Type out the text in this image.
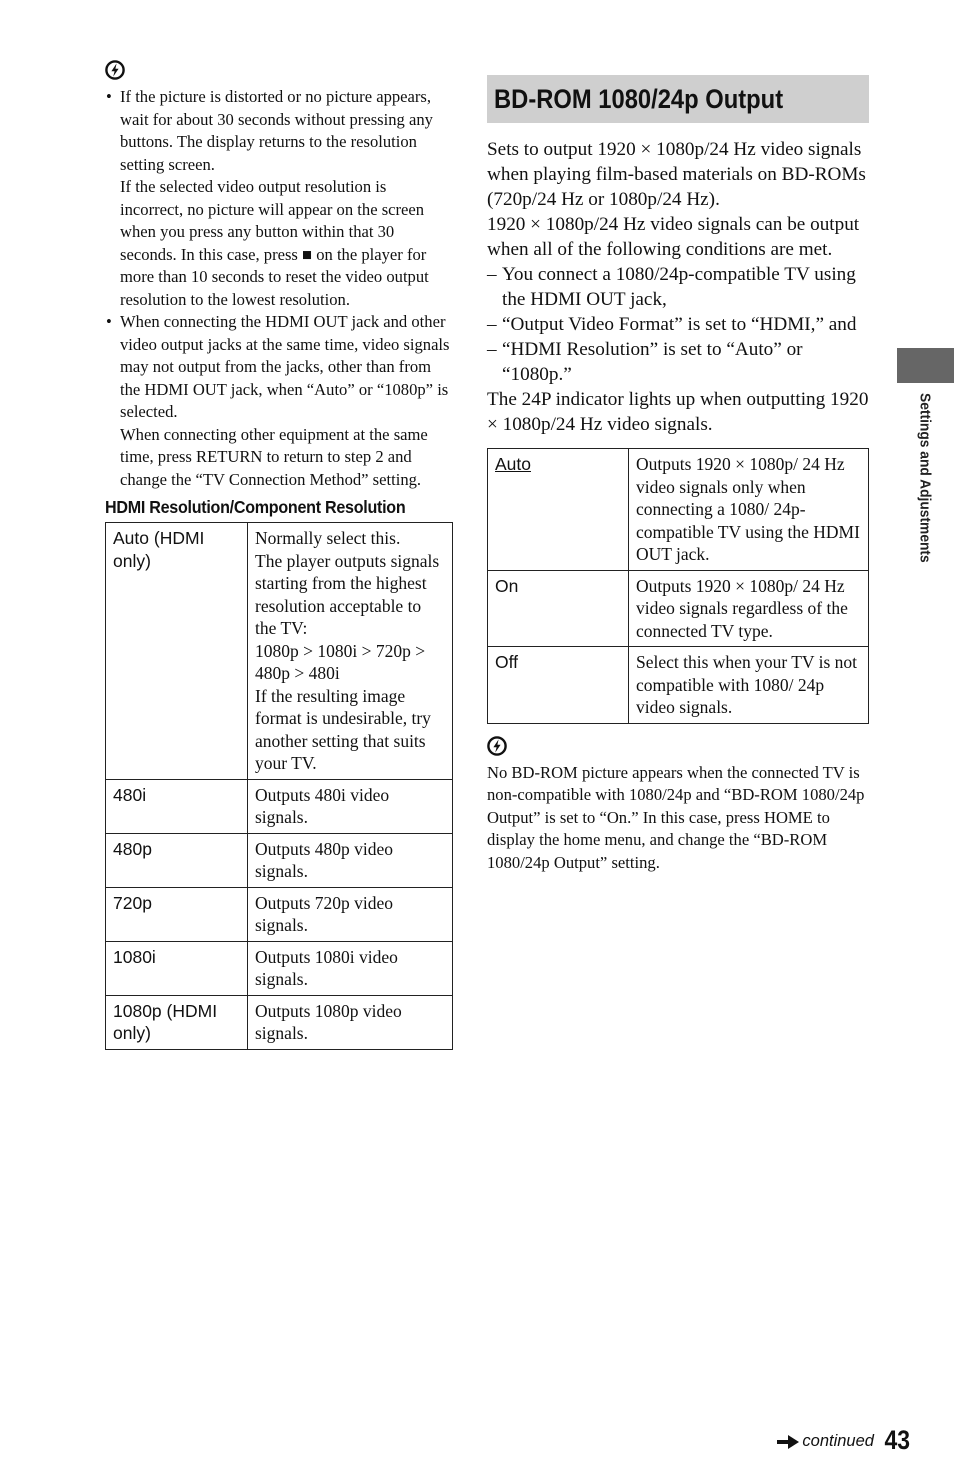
• If the picture is distorted or no picture appears, wait for about 30 seconds without pressing any buttons. The display returns to the resolution setting screen.

If the selected video output resolution is incorrect, no picture will appear on the screen when you press any button within that 30 seconds. In this case, press ■ on the player for more than 10 seconds to reset the video output resolution to the lowest resolution.

• When connecting the HDMI OUT jack and other video output jacks at the same time, video signals may not output from the jacks, other than from the HDMI OUT jack, when “Auto” or “1080p” is selected.

When connecting other equipment at the same time, press RETURN to return to step 2 and change the “TV Connection Method” setting.

HDMI Resolution/Component Resolution
Auto (HDMI only)	Normally select this.
The player outputs signals starting from the highest resolution acceptable to the TV:
1080p > 1080i > 720p > 480p > 480i
If the resulting image format is undesirable, try another setting that suits your TV.

480i	Outputs 480i video signals.

480p	Outputs 480p video signals.

720p	Outputs 720p video signals.

1080i	Outputs 1080i video signals.

1080p (HDMI only)	Outputs 1080p video signals.
BD-ROM 1080/24p Output

Sets to output 1920 × 1080p/24 Hz video signals when playing film-based materials on BD-ROMs (720p/24 Hz or 1080p/24 Hz).

1920 × 1080p/24 Hz video signals can be output when all of the following conditions are met.

– You connect a 1080/24p-compatible TV using the HDMI OUT jack,
– “Output Video Format” is set to “HDMI,” and
– “HDMI Resolution” is set to “Auto” or “1080p.”

The 24P indicator lights up when outputting 1920 × 1080p/24 Hz video signals.

Auto	Outputs 1920 × 1080p/ 24 Hz video signals only when connecting a 1080/ 24p-compatible TV using the HDMI OUT jack.
On	Outputs 1920 × 1080p/ 24 Hz video signals regardless of the connected TV type.
Off	Select this when your TV is not compatible with 1080/ 24p video signals.

No BD-ROM picture appears when the connected TV is non-compatible with 1080/24p and “BD-ROM 1080/24p Output” is set to “On.” In this case, press HOME to display the home menu, and change the “BD-ROM 1080/24p Output” setting.

Settings and Adjustments
continued 43
